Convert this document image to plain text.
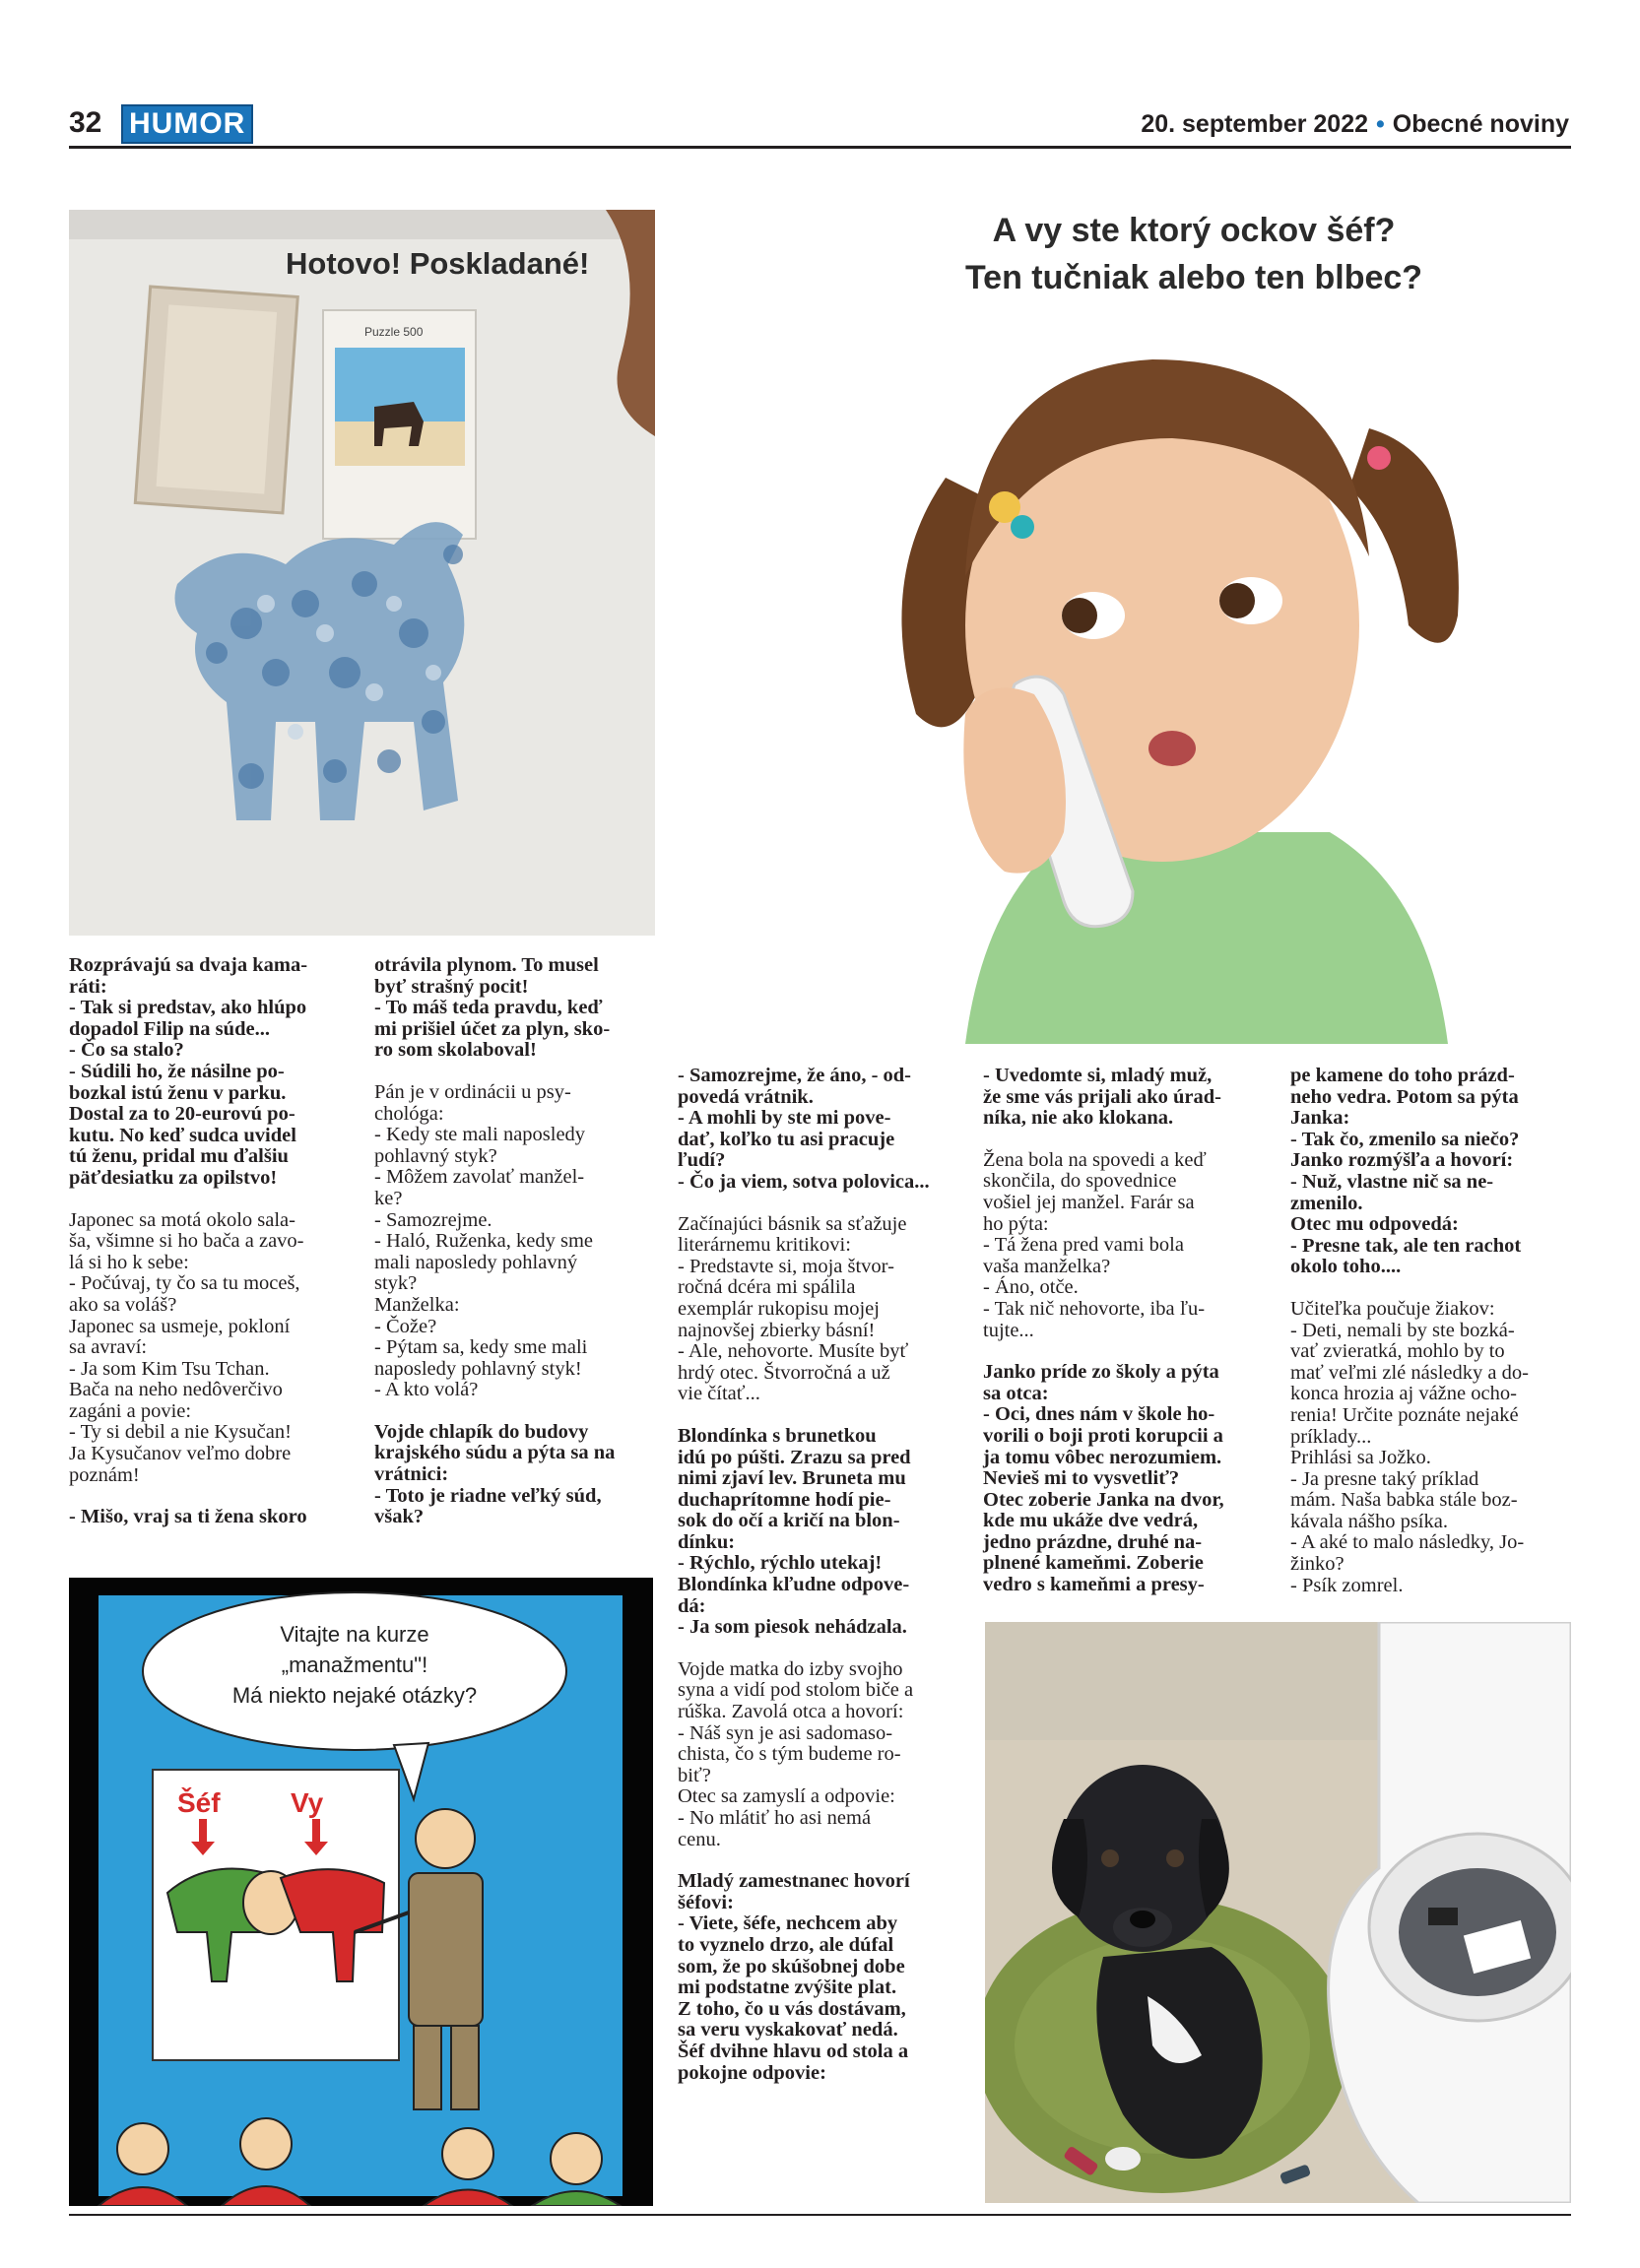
32 HUMOR	20. september 2022 • Obecné noviny
Puzzle 500
Hotovo! Poskladané!
A vy ste ktorý ockov šéf?
Ten tučniak alebo ten blbec?

Rozprávajú sa dvaja kama-
ráti:
- Tak si predstav, ako hlúpo
dopadol Filip na súde...
- Čo sa stalo?
- Súdili ho, že násilne po-
bozkal istú ženu v parku.
Dostal za to 20-eurovú po-
kutu. No keď sudca uvidel
tú ženu, pridal mu ďalšiu
päťdesiatku za opilstvo!

Japonec sa motá okolo sala-
ša, všimne si ho bača a zavo-
lá si ho k sebe:
- Počúvaj, ty čo sa tu moceš,
ako sa voláš?
Japonec sa usmeje, pokloní
sa avraví:
- Ja som Kim Tsu Tchan.
Bača na neho nedôverčivo
zagáni a povie:
- Ty si debil a nie Kysučan!
Ja Kysučanov veľmo dobre
poznám!

- Mišo, vraj sa ti žena skoro

otrávila plynom. To musel
byť strašný pocit!
- To máš teda pravdu, keď
mi prišiel účet za plyn, sko-
ro som skolaboval!

Pán je v ordinácii u psy-
chológa:
- Kedy ste mali naposledy
pohlavný styk?
- Môžem zavolať manžel-
ke?
- Samozrejme.
- Haló, Ruženka, kedy sme
mali naposledy pohlavný
styk?
Manželka:
- Čože?
- Pýtam sa, kedy sme mali
naposledy pohlavný styk!
- A kto volá?

Vojde chlapík do budovy
krajského súdu a pýta sa na
vrátnici:
- Toto je riadne veľký súd,
však?

Vitajte na kurze
„manažmentu"!
Má niekto nejaké otázky?
Šéf	Vy

- Samozrejme, že áno, - od-
povedá vrátnik.
- A mohli by ste mi pove-
dať, koľko tu asi pracuje
ľudí?
- Čo ja viem, sotva polovica...

Začínajúci básnik sa sťažuje
literárnemu kritikovi:
- Predstavte si, moja štvor-
ročná dcéra mi spálila
exemplár rukopisu mojej
najnovšej zbierky básní!
- Ale, nehovorte. Musíte byť
hrdý otec. Štvorročná a už
vie čítať...

Blondínka s brunetkou
idú po púšti. Zrazu sa pred
nimi zjaví lev. Bruneta mu
duchaprítomne hodí pie-
sok do očí a kričí na blon-
dínku:
- Rýchlo, rýchlo utekaj!
Blondínka kľudne odpove-
dá:
- Ja som piesok nehádzala.

Vojde matka do izby svojho
syna a vidí pod stolom biče a
rúška. Zavolá otca a hovorí:
- Náš syn je asi sadomaso-
chista, čo s tým budeme ro-
biť?
Otec sa zamyslí a odpovie:
- No mlátiť ho asi nemá
cenu.

Mladý zamestnanec hovorí
šéfovi:
- Viete, šéfe, nechcem aby
to vyznelo drzo, ale dúfal
som, že po skúšobnej dobe
mi podstatne zvýšite plat.
Z toho, čo u vás dostávam,
sa veru vyskakovať nedá.
Šéf dvihne hlavu od stola a
pokojne odpovie:

- Uvedomte si, mladý muž,
že sme vás prijali ako úrad-
níka, nie ako klokana.

Žena bola na spovedi a keď
skončila, do spovednice
vošiel jej manžel. Farár sa
ho pýta:
- Tá žena pred vami bola
vaša manželka?
- Áno, otče.
- Tak nič nehovorte, iba ľu-
tujte...

Janko príde zo školy a pýta
sa otca:
- Oci, dnes nám v škole ho-
vorili o boji proti korupcii a
ja tomu vôbec nerozumiem.
Nevieš mi to vysvetliť?
Otec zoberie Janka na dvor,
kde mu ukáže dve vedrá,
jedno prázdne, druhé na-
plnené kameňmi. Zoberie
vedro s kameňmi a presy-

pe kamene do toho prázd-
neho vedra. Potom sa pýta
Janka:
- Tak čo, zmenilo sa niečo?
Janko rozmýšľa a hovorí:
- Nuž, vlastne nič sa ne-
zmenilo.
Otec mu odpovedá:
- Presne tak, ale ten rachot
okolo toho....

Učiteľka poučuje žiakov:
- Deti, nemali by ste bozká-
vať zvieratká, mohlo by to
mať veľmi zlé následky a do-
konca hrozia aj vážne ocho-
renia! Určite poznáte nejaké
príklady...
Prihlási sa Jožko.
- Ja presne taký príklad
mám. Naša babka stále boz-
kávala nášho psíka.
- A aké to malo následky, Jo-
žinko?
- Psík zomrel.
